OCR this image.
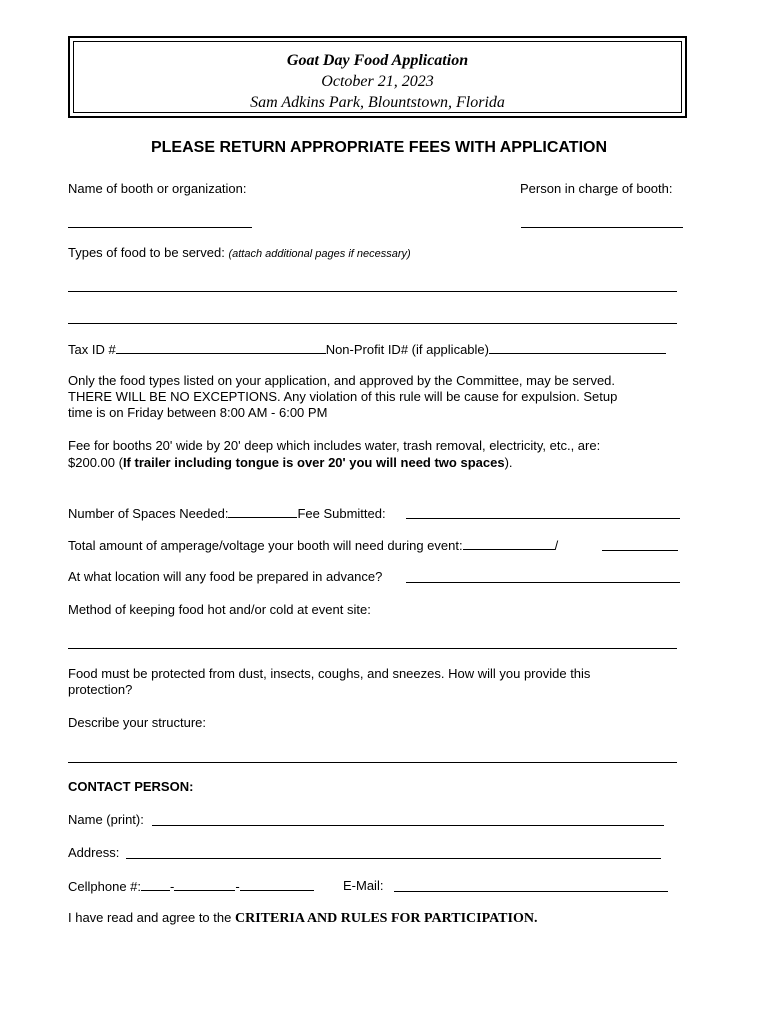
Goat Day Food Application
October 21, 2023
Sam Adkins Park, Blountstown, Florida
PLEASE RETURN APPROPRIATE FEES WITH APPLICATION
Name of booth or organization:	Person in charge of booth:
Types of food to be served: (attach additional pages if necessary)
Tax ID #	Non-Profit ID# (if applicable)
Only the food types listed on your application, and approved by the Committee, may be served.
THERE WILL BE NO EXCEPTIONS. Any violation of this rule will be cause for expulsion. Setup
time is on Friday between 8:00 AM - 6:00 PM
Fee for booths 20' wide by 20' deep which includes water, trash removal, electricity, etc., are:
$200.00 (If trailer including tongue is over 20' you will need two spaces).
Number of Spaces Needed:	Fee Submitted:
Total amount of amperage/voltage your booth will need during event:	/
At what location will any food be prepared in advance?
Method of keeping food hot and/or cold at event site:
Food must be protected from dust, insects, coughs, and sneezes. How will you provide this protection?
Describe your structure:
CONTACT PERSON:
Name (print):
Address:
Cellphone #: -	-	E-Mail:
I have read and agree to the CRITERIA AND RULES FOR PARTICIPATION.
